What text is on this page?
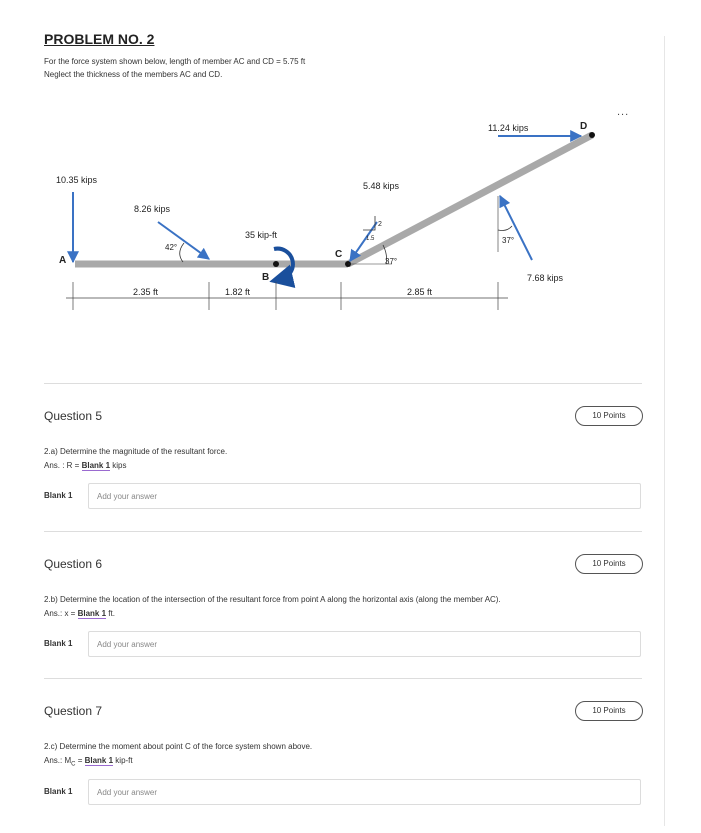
PROBLEM NO. 2
For the force system shown below, length of member AC and CD = 5.75 ft
Neglect the thickness of the members AC and CD.
...
A
B
C
D
10.35 kips
8.26 kips
42°
35 kip-ft
5.48 kips
2
1.5
37°
11.24 kips
7.68 kips
37°
2.35 ft	1.82 ft	2.85 ft
Question 5	10 Points
2.a) Determine the magnitude of the resultant force.
Ans. : R = Blank 1 kips
Blank 1
Add your answer
Question 6	10 Points
2.b) Determine the location of the intersection of the resultant force from point A along the horizontal axis (along the member AC).
Ans.: x = Blank 1 ft.
Blank 1
Add your answer
Question 7	10 Points
2.c) Determine the moment about point C of the force system shown above.
Ans.: $M_C$ = Blank 1 kip-ft
Blank 1
Add your answer
